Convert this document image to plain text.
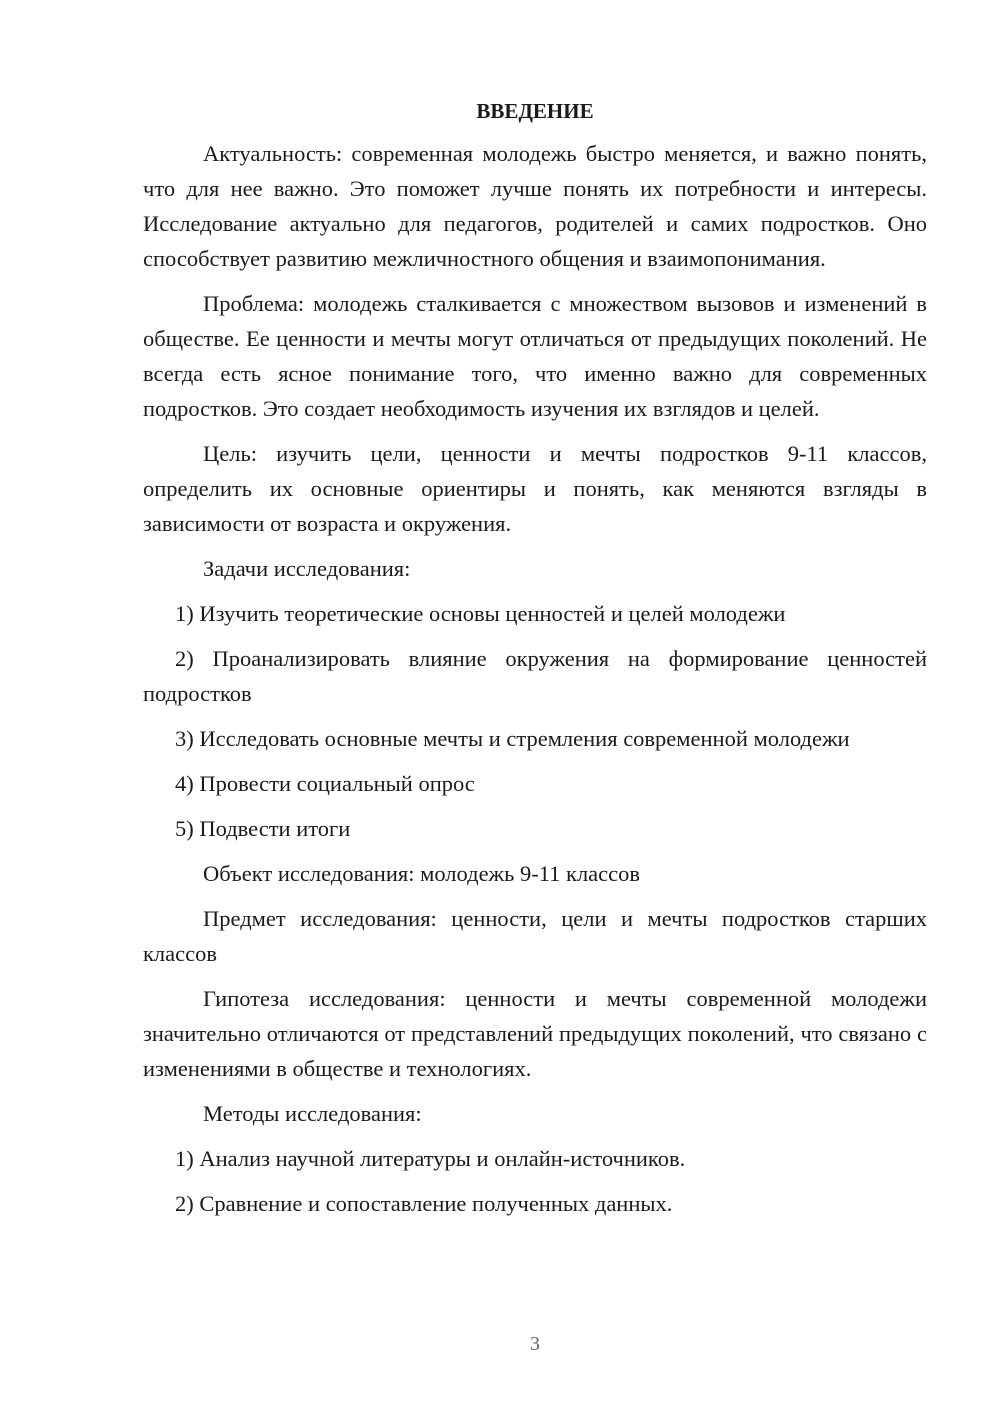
ВВЕДЕНИЕ
Актуальность: современная молодежь быстро меняется, и важно понять, что для нее важно. Это поможет лучше понять их потребности и интересы. Исследование актуально для педагогов, родителей и самих подростков. Оно способствует развитию межличностного общения и взаимопонимания.
Проблема: молодежь сталкивается с множеством вызовов и изменений в обществе. Ее ценности и мечты могут отличаться от предыдущих поколений. Не всегда есть ясное понимание того, что именно важно для современных подростков. Это создает необходимость изучения их взглядов и целей.
Цель: изучить цели, ценности и мечты подростков 9-11 классов, определить их основные ориентиры и понять, как меняются взгляды в зависимости от возраста и окружения.
Задачи исследования:
1) Изучить теоретические основы ценностей и целей молодежи
2) Проанализировать влияние окружения на формирование ценностей подростков
3) Исследовать основные мечты и стремления современной молодежи
4) Провести социальный опрос
5) Подвести итоги
Объект исследования: молодежь 9-11 классов
Предмет исследования: ценности, цели и мечты подростков старших классов
Гипотеза исследования: ценности и мечты современной молодежи значительно отличаются от представлений предыдущих поколений, что связано с изменениями в обществе и технологиях.
Методы исследования:
1) Анализ научной литературы и онлайн-источников.
2) Сравнение и сопоставление полученных данных.
3
